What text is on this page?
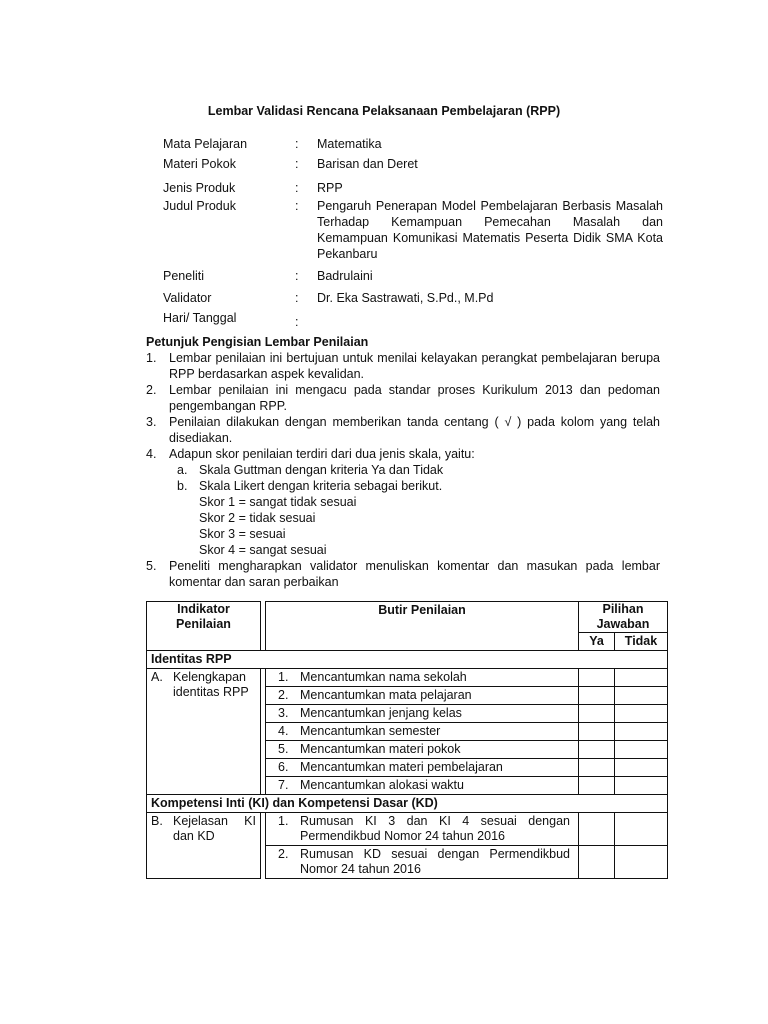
Lembar Validasi Rencana Pelaksanaan Pembelajaran (RPP)
Mata Pelajaran	:	Matematika
Materi Pokok	:	Barisan dan Deret
Jenis Produk	:	RPP
Judul Produk	:	Pengaruh Penerapan Model Pembelajaran Berbasis Masalah Terhadap Kemampuan Pemecahan Masalah dan Kemampuan Komunikasi Matematis Peserta Didik SMA Kota Pekanbaru
Peneliti	:	Badrulaini
Validator	:	Dr. Eka Sastrawati, S.Pd., M.Pd
Hari/ Tanggal	:
Petunjuk Pengisian Lembar Penilaian
1.	Lembar penilaian ini bertujuan untuk menilai kelayakan perangkat pembelajaran berupa RPP berdasarkan aspek kevalidan.
2.	Lembar penilaian ini mengacu pada standar proses Kurikulum 2013 dan pedoman pengembangan RPP.
3.	Penilaian dilakukan dengan memberikan tanda centang ( √ ) pada kolom yang telah disediakan.
4.	Adapun skor penilaian terdiri dari dua jenis skala, yaitu:
a. Skala Guttman dengan kriteria Ya dan Tidak
b. Skala Likert dengan kriteria sebagai berikut.
Skor 1 = sangat tidak sesuai
Skor 2 = tidak sesuai
Skor 3 = sesuai
Skor 4 = sangat sesuai
5.	Peneliti mengharapkan validator menuliskan komentar dan masukan pada lembar komentar dan saran perbaikan
Indikator Penilaian		Butir Penilaian	Pilihan Jawaban	
			Ya	Tidak
Identitas RPP				

A. Kelengkapan identitas RPP		1. Mencantumkan nama sekolah		

		2. Mencantumkan mata pelajaran		

		3. Mencantumkan jenjang kelas		

		4. Mencantumkan semester		

		5. Mencantumkan materi pokok		

		6. Mencantumkan materi pembelajaran		

		7. Mencantumkan alokasi waktu		

Kompetensi Inti (KI) dan Kompetensi Dasar (KD)				

B. Kejelasan KI dan KD		1. Rumusan KI 3 dan KI 4 sesuai dengan Permendikbud Nomor 24 tahun 2016		

		2. Rumusan KD sesuai dengan Permendikbud Nomor 24 tahun 2016		
